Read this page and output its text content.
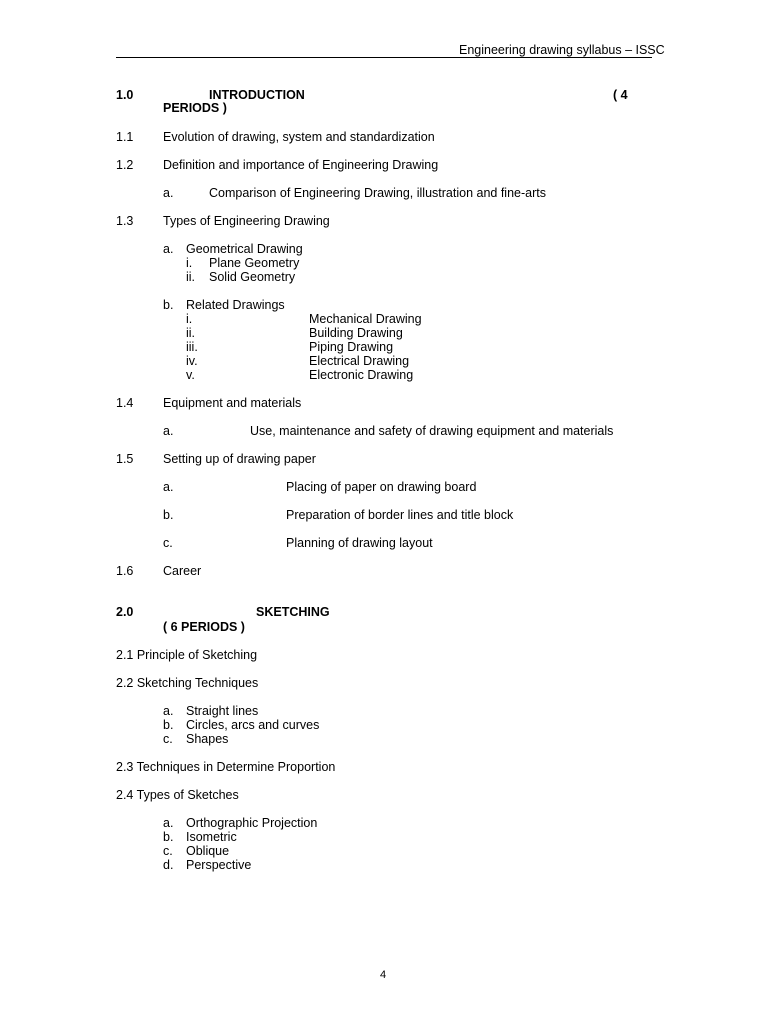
Engineering drawing syllabus – ISSC
1.0	INTRODUCTION	( 4
PERIODS )
1.1 Evolution of drawing, system and standardization
1.2 Definition and importance of Engineering Drawing
a.	Comparison of Engineering Drawing, illustration and fine-arts
1.3 Types of Engineering Drawing
a. Geometrical Drawing
i. Plane Geometry
ii. Solid Geometry
b. Related Drawings
i.	Mechanical Drawing
ii.	Building Drawing
iii.	Piping Drawing
iv.	Electrical Drawing
v.	Electronic Drawing
1.4 Equipment and materials
a.	Use, maintenance and safety of drawing equipment and materials
1.5 Setting up of drawing paper
a.	Placing of paper on drawing board
b.	Preparation of border lines and title block
c.	Planning of drawing layout
1.6 Career
2.0	SKETCHING
( 6 PERIODS )
2.1 Principle of Sketching
2.2 Sketching Techniques
a. Straight lines
b. Circles, arcs and curves
c. Shapes
2.3 Techniques in Determine Proportion
2.4 Types of Sketches
a. Orthographic Projection
b. Isometric
c. Oblique
d. Perspective
4
